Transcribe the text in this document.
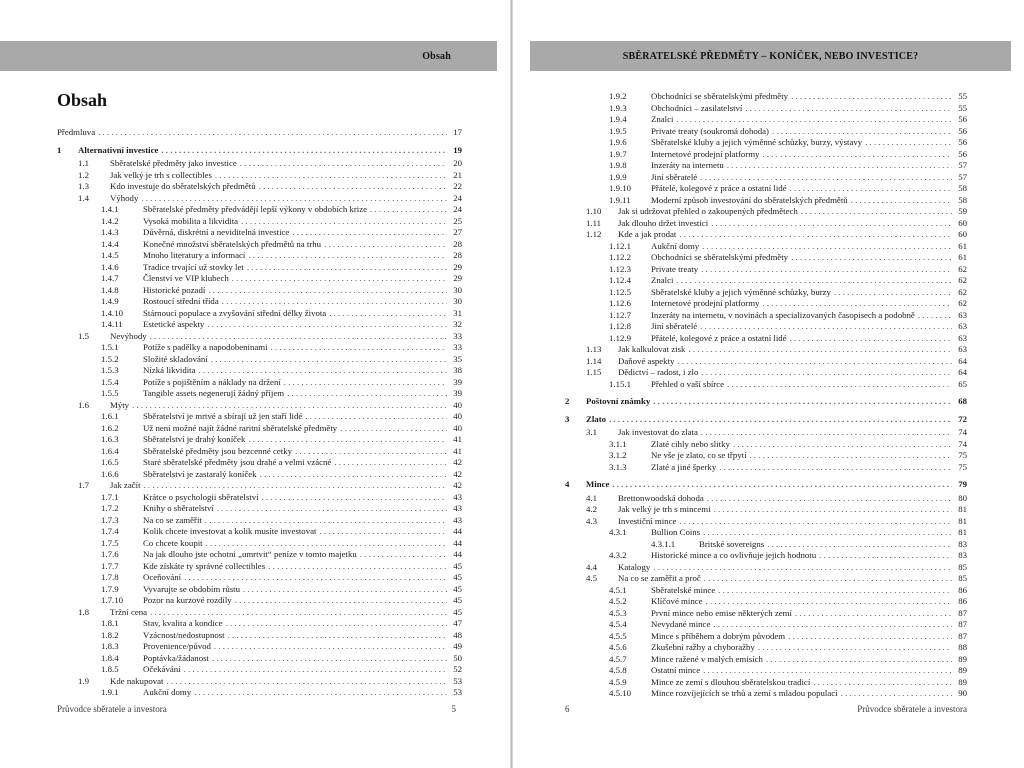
Obsah
Obsah
Předmluva . . .	17
1	Alternativní investice . . .	19
1.1	Sběratelské předměty jako investice . . .	20
1.2	Jak velký je trh s collectibles . . .	21
1.3	Kdo investuje do sběratelských předmětů . . .	22
1.4	Výhody . . .	24
1.4.1	Sběratelské předměty předvádějí lepší výkony v obdobích krize . . .	24
1.4.2	Vysoká mobilita a likvidita . . .	25
1.4.3	Důvěrná, diskrétní a neviditelná investice . . .	27
1.4.4	Konečné množství sběratelských předmětů na trhu . . .	28
1.4.5	Mnoho literatury a informací . . .	28
1.4.6	Tradice trvající už stovky let . . .	29
1.4.7	Členství ve VIP klubech . . .	29
1.4.8	Historické pozadí . . .	30
1.4.9	Rostoucí střední třída . . .	30
1.4.10	Stárnoucí populace a zvyšování střední délky života . . .	31
1.4.11	Estetické aspekty . . .	32
1.5	Nevýhody . . .	33
1.5.1	Potíže s padělky a napodobeninami . . .	33
1.5.2	Složité skladování . . .	35
1.5.3	Nízká likvidita . . .	38
1.5.4	Potíže s pojištěním a náklady na držení . . .	39
1.5.5	Tangible assets negenerují žádný příjem . . .	39
1.6	Mýty . . .	40
1.6.1	Sběratelství je mrtvé a sbírají už jen staří lidé . . .	40
1.6.2	Už není možné najít žádné raritní sběratelské předměty . . .	40
1.6.3	Sběratelství je drahý koníček . . .	41
1.6.4	Sběratelské předměty jsou bezcenné cetky . . .	41
1.6.5	Staré sběratelské předměty jsou drahé a velmi vzácné . . .	42
1.6.6	Sběratelství je zastaralý koníček . . .	42
1.7	Jak začít . . .	42
1.7.1	Krátce o psychologii sběratelství . . .	43
1.7.2	Knihy o sběratelství . . .	43
1.7.3	Na co se zaměřit . . .	43
1.7.4	Kolik chcete investovat a kolik musíte investovat . . .	44
1.7.5	Co chcete koupit . . .	44
1.7.6	Na jak dlouho jste ochotni „umrtvit“ peníze v tomto majetku . . .	44
1.7.7	Kde získáte ty správné collectibles . . .	45
1.7.8	Oceňování . . .	45
1.7.9	Vyvarujte se obdobím růstu . . .	45
1.7.10	Pozor na kurzové rozdíly . . .	45
1.8	Tržní cena . . .	45
1.8.1	Stav, kvalita a kondice . . .	47
1.8.2	Vzácnost/nedostupnost . . .	48
1.8.3	Provenience/původ . . .	49
1.8.4	Poptávka/žádanost . . .	50
1.8.5	Očekávání . . .	52
1.9	Kde nakupovat . . .	53
1.9.1	Aukční domy . . .	53
Průvodce sběratele a investora	5
SBĚRATELSKÉ PŘEDMĚTY – KONÍČEK, NEBO INVESTICE?
1.9.2	Obchodníci se sběratelskými předměty . . .	55
1.9.3	Obchodníci – zasilatelství . . .	55
1.9.4	Znalci . . .	56
1.9.5	Private treaty (soukromá dohoda) . . .	56
1.9.6	Sběratelské kluby a jejich výměnné schůzky, burzy, výstavy . . .	56
1.9.7	Internetové prodejní platformy . . .	56
1.9.8	Inzeráty na internetu . . .	57
1.9.9	Jiní sběratelé . . .	57
1.9.10	Přátelé, kolegové z práce a ostatní lidé . . .	58
1.9.11	Moderní způsob investování do sběratelských předmětů . . .	58
1.10	Jak si udržovat přehled o zakoupených předmětech . . .	59
1.11	Jak dlouho držet investici . . .	60
1.12	Kde a jak prodat . . .	60
1.12.1	Aukční domy . . .	61
1.12.2	Obchodníci se sběratelskými předměty . . .	61
1.12.3	Private treaty . . .	62
1.12.4	Znalci . . .	62
1.12.5	Sběratelské kluby a jejich výměnné schůzky, burzy . . .	62
1.12.6	Internetové prodejní platformy . . .	62
1.12.7	Inzeráty na internetu, v novinách a specializovaných časopisech a podobně . . .	63
1.12.8	Jiní sběratelé . . .	63
1.12.9	Přátelé, kolegové z práce a ostatní lidé . . .	63
1.13	Jak kalkulovat zisk . . .	63
1.14	Daňové aspekty . . .	64
1.15	Dědictví – radost, i zlo . . .	64
1.15.1	Přehled o vaší sbírce . . .	65
2	Poštovní známky . . .	68
3	Zlato . . .	72
3.1	Jak investovat do zlata . . .	74
3.1.1	Zlaté cihly nebo slitky . . .	74
3.1.2	Ne vše je zlato, co se třpytí . . .	75
3.1.3	Zlaté a jiné šperky . . .	75
4	Mince . . .	79
4.1	Brettonwoodská dohoda . . .	80
4.2	Jak velký je trh s mincemi . . .	81
4.3	Investiční mince . . .	81
4.3.1	Bullion Coins . . .	81
4.3.1.1	Britské sovereigns . . .	83
4.3.2	Historické mince a co ovlivňuje jejich hodnotu . . .	83
4.4	Katalogy . . .	85
4.5	Na co se zaměřit a proč . . .	85
4.5.1	Sběratelské mince . . .	86
4.5.2	Klíčové mince . . .	86
4.5.3	První mince nebo emise některých zemí . . .	87
4.5.4	Nevydané mince . . .	87
4.5.5	Mince s příběhem a dobrým původem . . .	87
4.5.6	Zkušební ražby a chyboražby . . .	88
4.5.7	Mince ražené v malých emisích . . .	89
4.5.8	Ostatní mince . . .	89
4.5.9	Mince ze zemí s dlouhou sběratelskou tradicí . . .	89
4.5.10	Mince rozvíjejících se trhů a zemí s mladou populací . . .	90
6	Průvodce sběratele a investora
